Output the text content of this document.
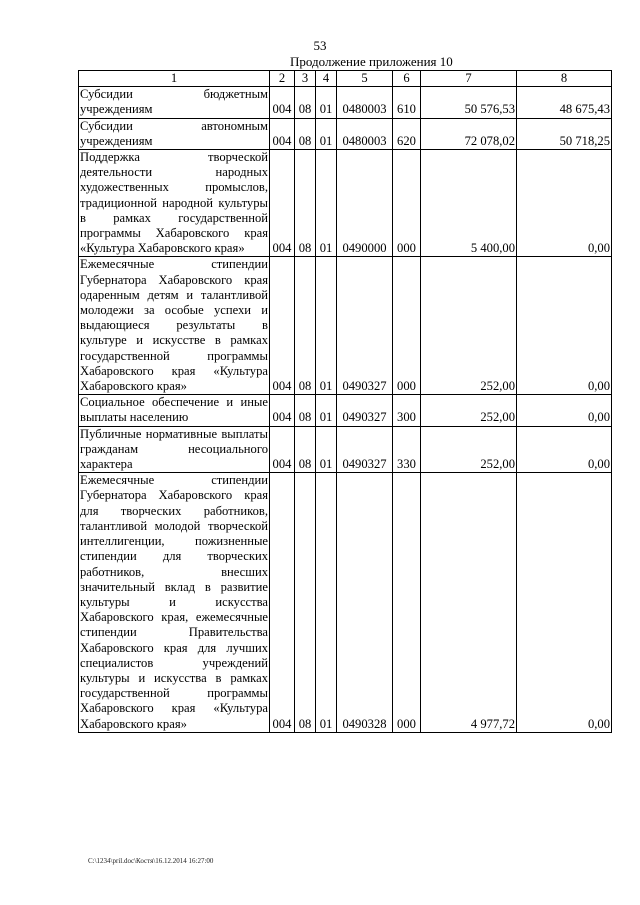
53
Продолжение приложения 10
1	2	3	4	5	6	7	8
Субсидии бюджетным учреждениям	004	08	01	0480003	610	50 576,53	48 675,43
Субсидии автономным учреждениям	004	08	01	0480003	620	72 078,02	50 718,25
Поддержка творческой деятельности народных художественных промыслов, традиционной народной культуры в рамках государственной программы Хабаровского края «Культура Хабаровского края»	004	08	01	0490000	000	5 400,00	0,00
Ежемесячные стипендии Губернатора Хабаровского края одаренным детям и талантливой молодежи за особые успехи и выдающиеся результаты в культуре и искусстве в рамках государственной программы Хабаровского края «Культура Хабаровского края»	004	08	01	0490327	000	252,00	0,00
Социальное обеспечение и иные выплаты населению	004	08	01	0490327	300	252,00	0,00
Публичные нормативные выплаты гражданам несоциального характера	004	08	01	0490327	330	252,00	0,00
Ежемесячные стипендии Губернатора Хабаровского края для творческих работников, талантливой молодой творческой интеллигенции, пожизненные стипендии для творческих работников, внесших значительный вклад в развитие культуры и искусства Хабаровского края, ежемесячные стипендии Правительства Хабаровского края для лучших специалистов учреждений культуры и искусства в рамках государственной программы Хабаровского края «Культура Хабаровского края»	004	08	01	0490328	000	4 977,72	0,00
C:\1234\pril.doc\Костя\16.12.2014 16:27:00
